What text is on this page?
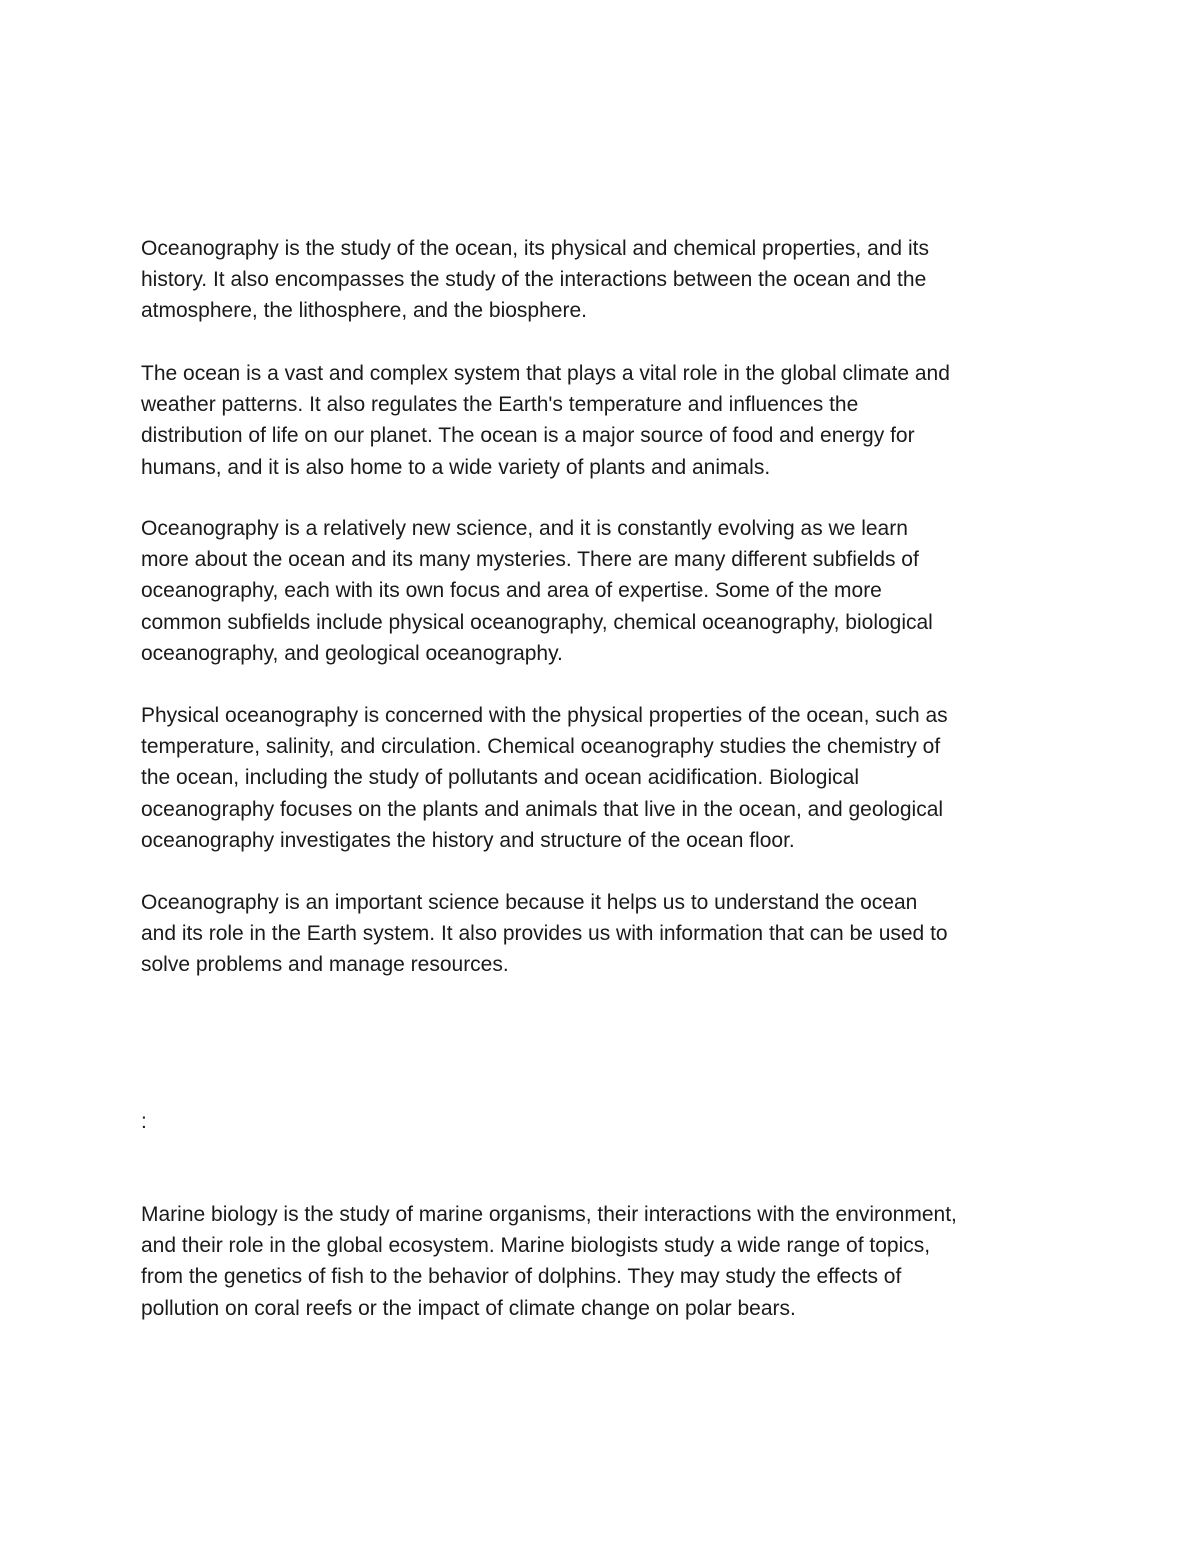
Oceanography is the study of the ocean, its physical and chemical properties, and its
history. It also encompasses the study of the interactions between the ocean and the
atmosphere, the lithosphere, and the biosphere.

The ocean is a vast and complex system that plays a vital role in the global climate and
weather patterns. It also regulates the Earth's temperature and influences the
distribution of life on our planet. The ocean is a major source of food and energy for
humans, and it is also home to a wide variety of plants and animals.

Oceanography is a relatively new science, and it is constantly evolving as we learn
more about the ocean and its many mysteries. There are many different subfields of
oceanography, each with its own focus and area of expertise. Some of the more
common subfields include physical oceanography, chemical oceanography, biological
oceanography, and geological oceanography.

Physical oceanography is concerned with the physical properties of the ocean, such as
temperature, salinity, and circulation. Chemical oceanography studies the chemistry of
the ocean, including the study of pollutants and ocean acidification. Biological
oceanography focuses on the plants and animals that live in the ocean, and geological
oceanography investigates the history and structure of the ocean floor.

Oceanography is an important science because it helps us to understand the ocean
and its role in the Earth system. It also provides us with information that can be used to
solve problems and manage resources.

:

Marine biology is the study of marine organisms, their interactions with the environment,
and their role in the global ecosystem. Marine biologists study a wide range of topics,
from the genetics of fish to the behavior of dolphins. They may study the effects of
pollution on coral reefs or the impact of climate change on polar bears.
